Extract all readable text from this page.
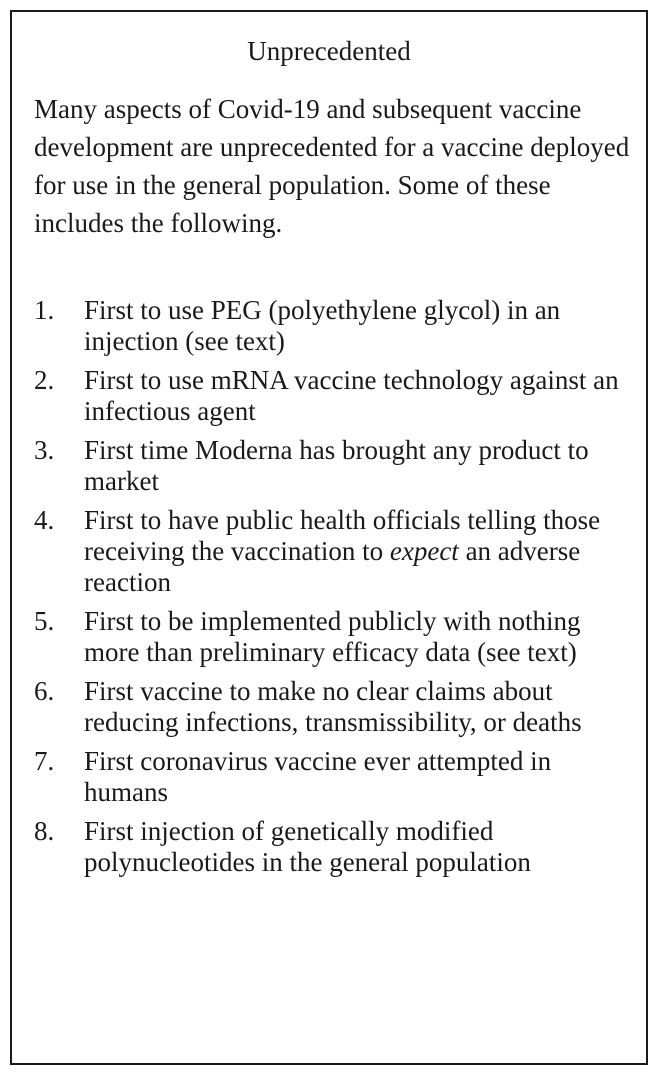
Unprecedented
Many aspects of Covid-19 and subsequent vaccine development are unprecedented for a vaccine deployed for use in the general population. Some of these includes the following.
1. First to use PEG (polyethylene glycol) in an injection (see text)
2. First to use mRNA vaccine technology against an infectious agent
3. First time Moderna has brought any product to market
4. First to have public health officials telling those receiving the vaccination to expect an adverse reaction
5. First to be implemented publicly with nothing more than preliminary efficacy data (see text)
6. First vaccine to make no clear claims about reducing infections, transmissibility, or deaths
7. First coronavirus vaccine ever attempted in humans
8. First injection of genetically modified polynucleotides in the general population
